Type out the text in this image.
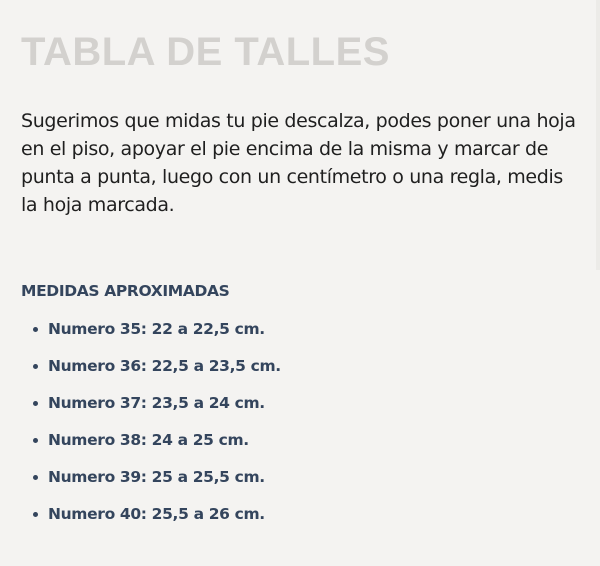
TABLA DE TALLES

Sugerimos que midas tu pie descalza, podes poner una hoja en el piso, apoyar el pie encima de la misma y marcar de punta a punta, luego con un centímetro o una regla, medis la hoja marcada.

MEDIDAS APROXIMADAS
Numero 35: 22 a 22,5 cm.
Numero 36: 22,5 a 23,5 cm.
Numero 37: 23,5 a 24 cm.
Numero 38: 24 a 25 cm.
Numero 39: 25 a 25,5 cm.
Numero 40: 25,5 a 26 cm.
